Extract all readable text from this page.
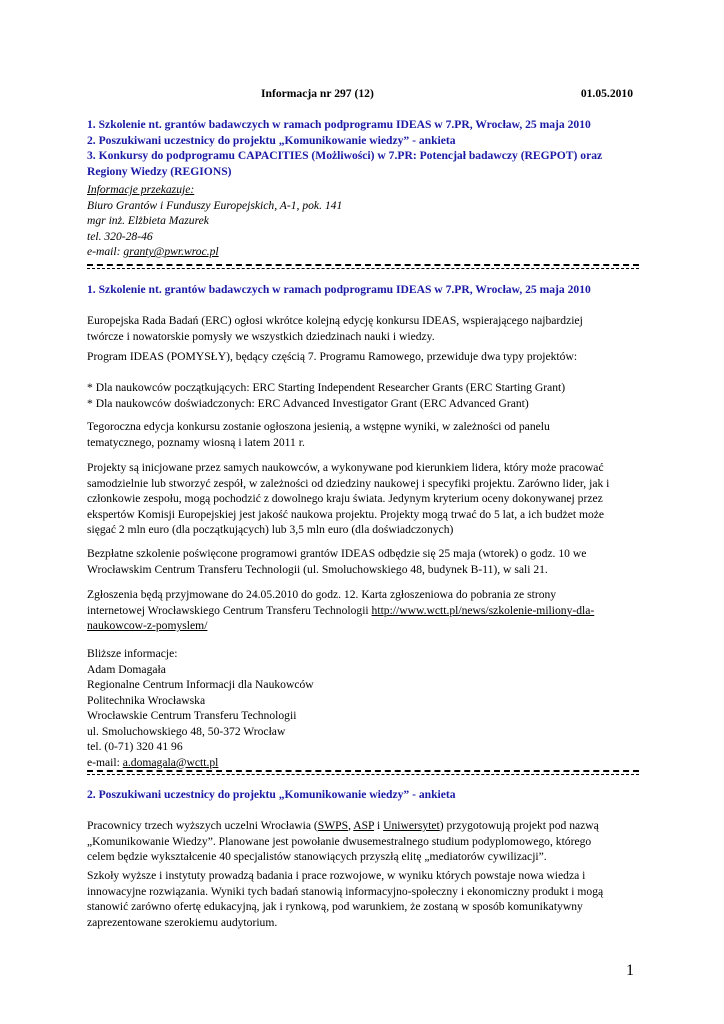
Informacja nr 297 (12)	01.05.2010
1. Szkolenie nt. grantów badawczych w ramach podprogramu IDEAS w 7.PR, Wrocław, 25 maja 2010
2. Poszukiwani uczestnicy do projektu „Komunikowanie wiedzy” - ankieta
3. Konkursy do podprogramu CAPACITIES (Możliwości) w 7.PR: Potencjał badawczy (REGPOT) oraz
Regiony Wiedzy (REGIONS)
Informacje przekazuje:
Biuro Grantów i Funduszy Europejskich, A-1, pok. 141
mgr inż. Elżbieta Mazurek
tel. 320-28-46
e-mail: granty@pwr.wroc.pl
1. Szkolenie nt. grantów badawczych w ramach podprogramu IDEAS w 7.PR, Wrocław, 25 maja 2010
Europejska Rada Badań (ERC) ogłosi wkrótce kolejną edycję konkursu IDEAS, wspierającego najbardziej
twórcze i nowatorskie pomysły we wszystkich dziedzinach nauki i wiedzy.
Program IDEAS (POMYSŁY), będący częścią 7. Programu Ramowego, przewiduje dwa typy projektów:
* Dla naukowców początkujących: ERC Starting Independent Researcher Grants (ERC Starting Grant)
* Dla naukowców doświadczonych: ERC Advanced Investigator Grant (ERC Advanced Grant)
Tegoroczna edycja konkursu zostanie ogłoszona jesienią, a wstępne wyniki, w zależności od panelu
tematycznego, poznamy wiosną i latem 2011 r.
Projekty są inicjowane przez samych naukowców, a wykonywane pod kierunkiem lidera, który może pracować
samodzielnie lub stworzyć zespół, w zależności od dziedziny naukowej i specyfiki projektu. Zarówno lider, jak i
członkowie zespołu, mogą pochodzić z dowolnego kraju świata. Jedynym kryterium oceny dokonywanej przez
ekspertów Komisji Europejskiej jest jakość naukowa projektu. Projekty mogą trwać do 5 lat, a ich budżet może
sięgać 2 mln euro (dla początkujących) lub 3,5 mln euro (dla doświadczonych)
Bezpłatne szkolenie poświęcone programowi grantów IDEAS odbędzie się 25 maja (wtorek) o godz. 10 we
Wrocławskim Centrum Transferu Technologii (ul. Smoluchowskiego 48, budynek B-11), w sali 21.
Zgłoszenia będą przyjmowane do 24.05.2010 do godz. 12. Karta zgłoszeniowa do pobrania ze strony
internetowej Wrocławskiego Centrum Transferu Technologii http://www.wctt.pl/news/szkolenie-miliony-dla-
naukowcow-z-pomyslem/
Bliższe informacje:
Adam Domagała
Regionalne Centrum Informacji dla Naukowców
Politechnika Wrocławska
Wrocławskie Centrum Transferu Technologii
ul. Smoluchowskiego 48, 50-372 Wrocław
tel. (0-71) 320 41 96
e-mail: a.domagala@wctt.pl
2. Poszukiwani uczestnicy do projektu „Komunikowanie wiedzy” - ankieta
Pracownicy trzech wyższych uczelni Wrocławia (SWPS, ASP i Uniwersytet) przygotowują projekt pod nazwą
„Komunikowanie Wiedzy”. Planowane jest powołanie dwusemestralnego studium podyplomowego, którego
celem będzie wykształcenie 40 specjalistów stanowiących przyszłą elitę „mediatorów cywilizacji”.
Szkoły wyższe i instytuty prowadzą badania i prace rozwojowe, w wyniku których powstaje nowa wiedza i
innowacyjne rozwiązania. Wyniki tych badań stanowią informacyjno-społeczny i ekonomiczny produkt i mogą
stanowić zarówno ofertę edukacyjną, jak i rynkową, pod warunkiem, że zostaną w sposób komunikatywny
zaprezentowane szerokiemu audytorium.
1
